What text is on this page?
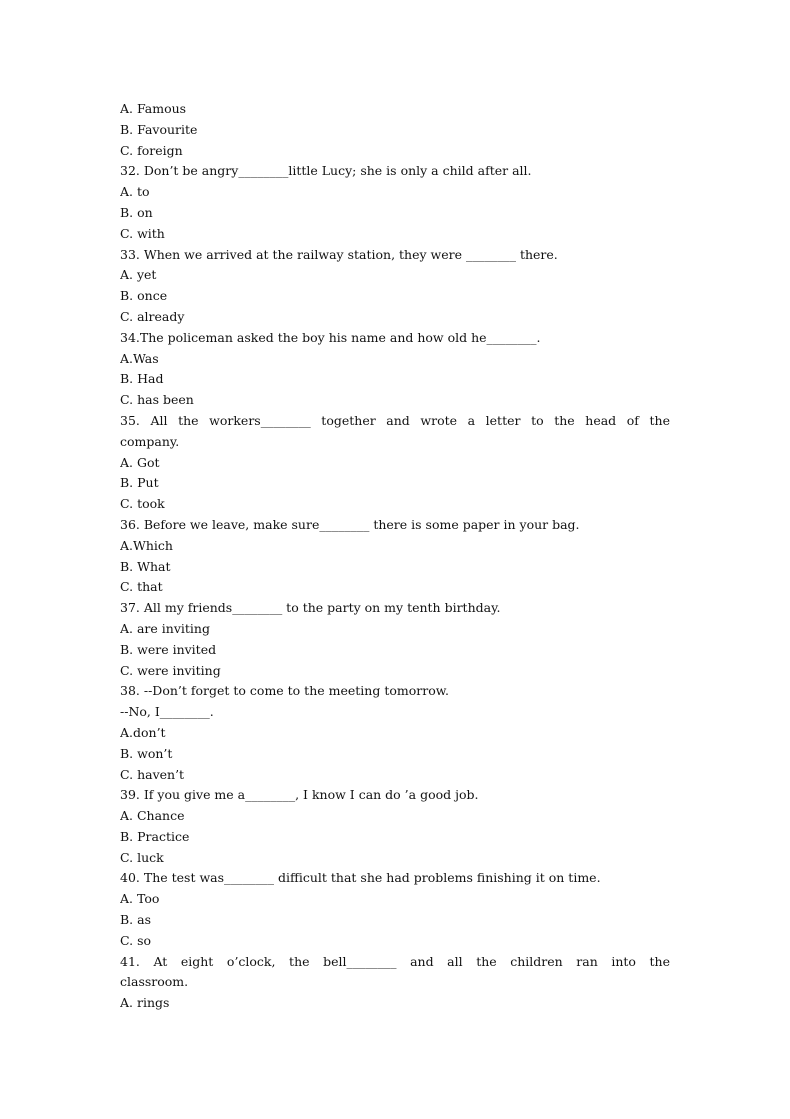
A. Famous
B. Favourite
C. foreign
32. Don’t be angry________little Lucy; she is only a child after all.
A. to
B. on
C. with
33. When we arrived at the railway station, they were ________ there.
A. yet
B. once
C. already
34.The policeman asked the boy his name and how old he________.
A.Was
B. Had
C. has been
35. All the workers________ together and wrote a letter to the head of the
company.
A. Got
B. Put
C. took
36. Before we leave, make sure________ there is some paper in your bag.
A.Which
B. What
C. that
37. All my friends________ to the party on my tenth birthday.
A. are inviting
B. were invited
C. were inviting
38. --Don’t forget to come to the meeting tomorrow.
--No, I________.
A.don’t
B. won’t
C. haven’t
39. If you give me a________, I know I can do ’a good job.
A. Chance
B. Practice
C. luck
40. The test was________ difficult that she had problems finishing it on time.
A. Too
B. as
C. so
41. At eight o’clock, the bell________ and all the children ran into the
classroom.
A. rings
